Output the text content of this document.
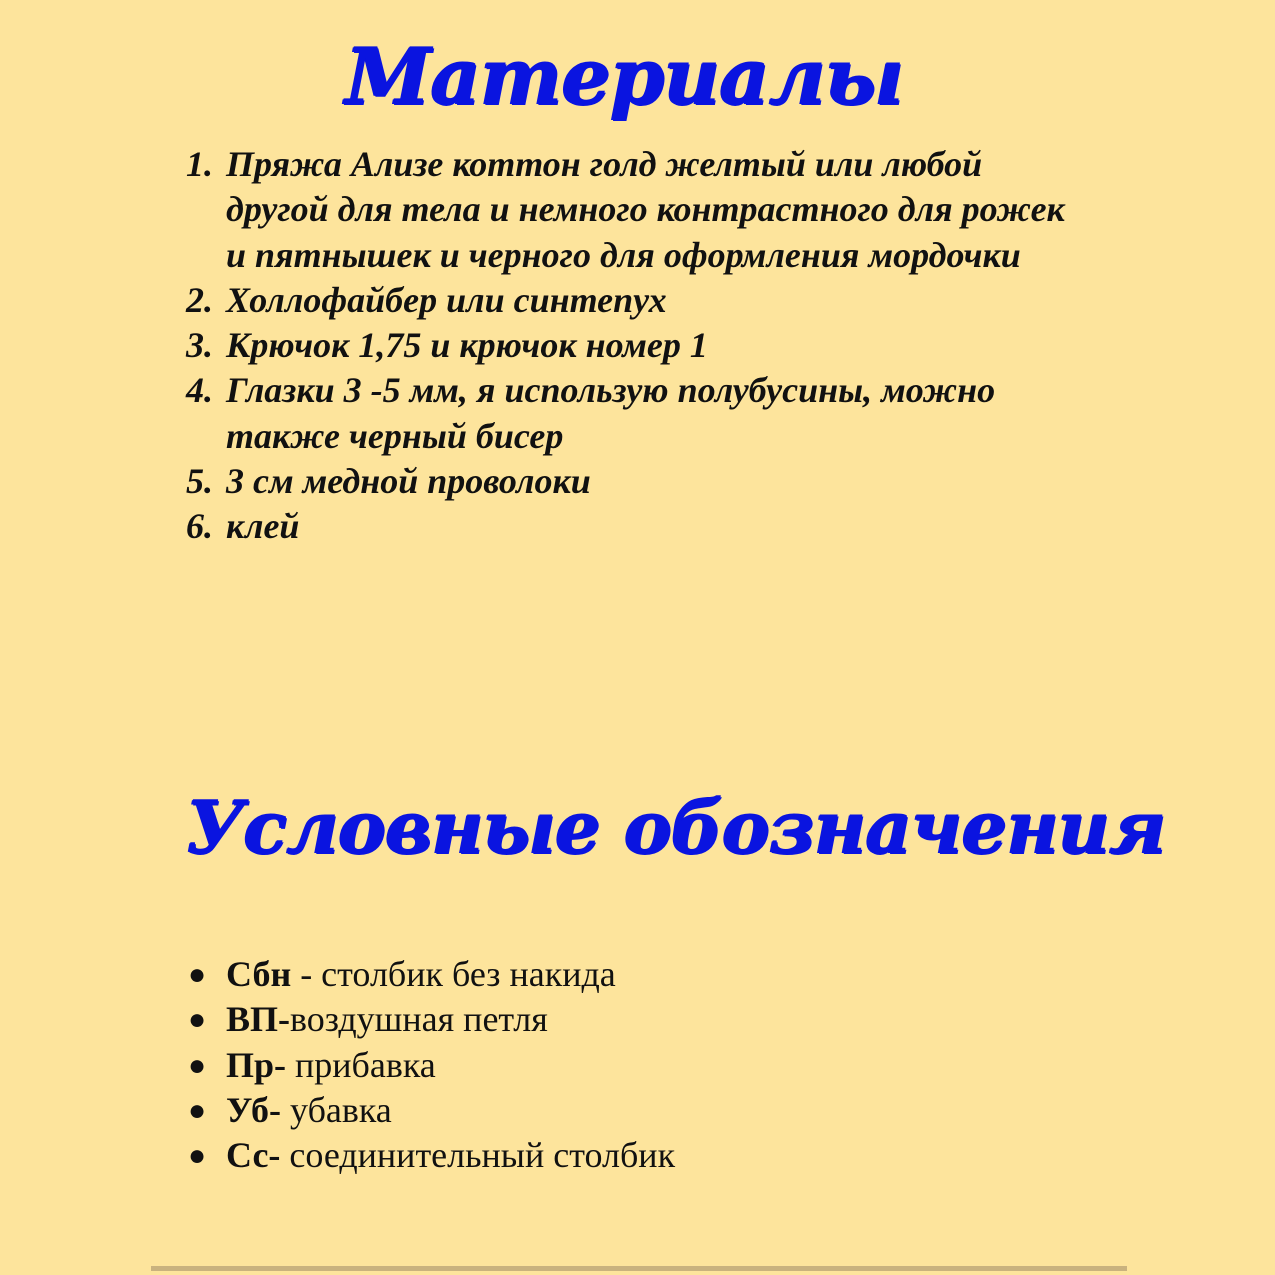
Материалы
1. Пряжа Ализе коттон голд желтый или любой
другой для тела и немного контрастного для рожек
и пятнышек и черного для оформления мордочки
2. Холлофайбер или синтепух
3. Крючок 1,75 и крючок номер 1
4. Глазки 3 -5 мм, я использую полубусины, можно
также черный бисер
5. 3 см медной проволоки
6. клей
Условные обозначения
● Сбн - столбик без накида
● ВП-воздушная петля
● Пр- прибавка
● Уб- убавка
● Сс- соединительный столбик
